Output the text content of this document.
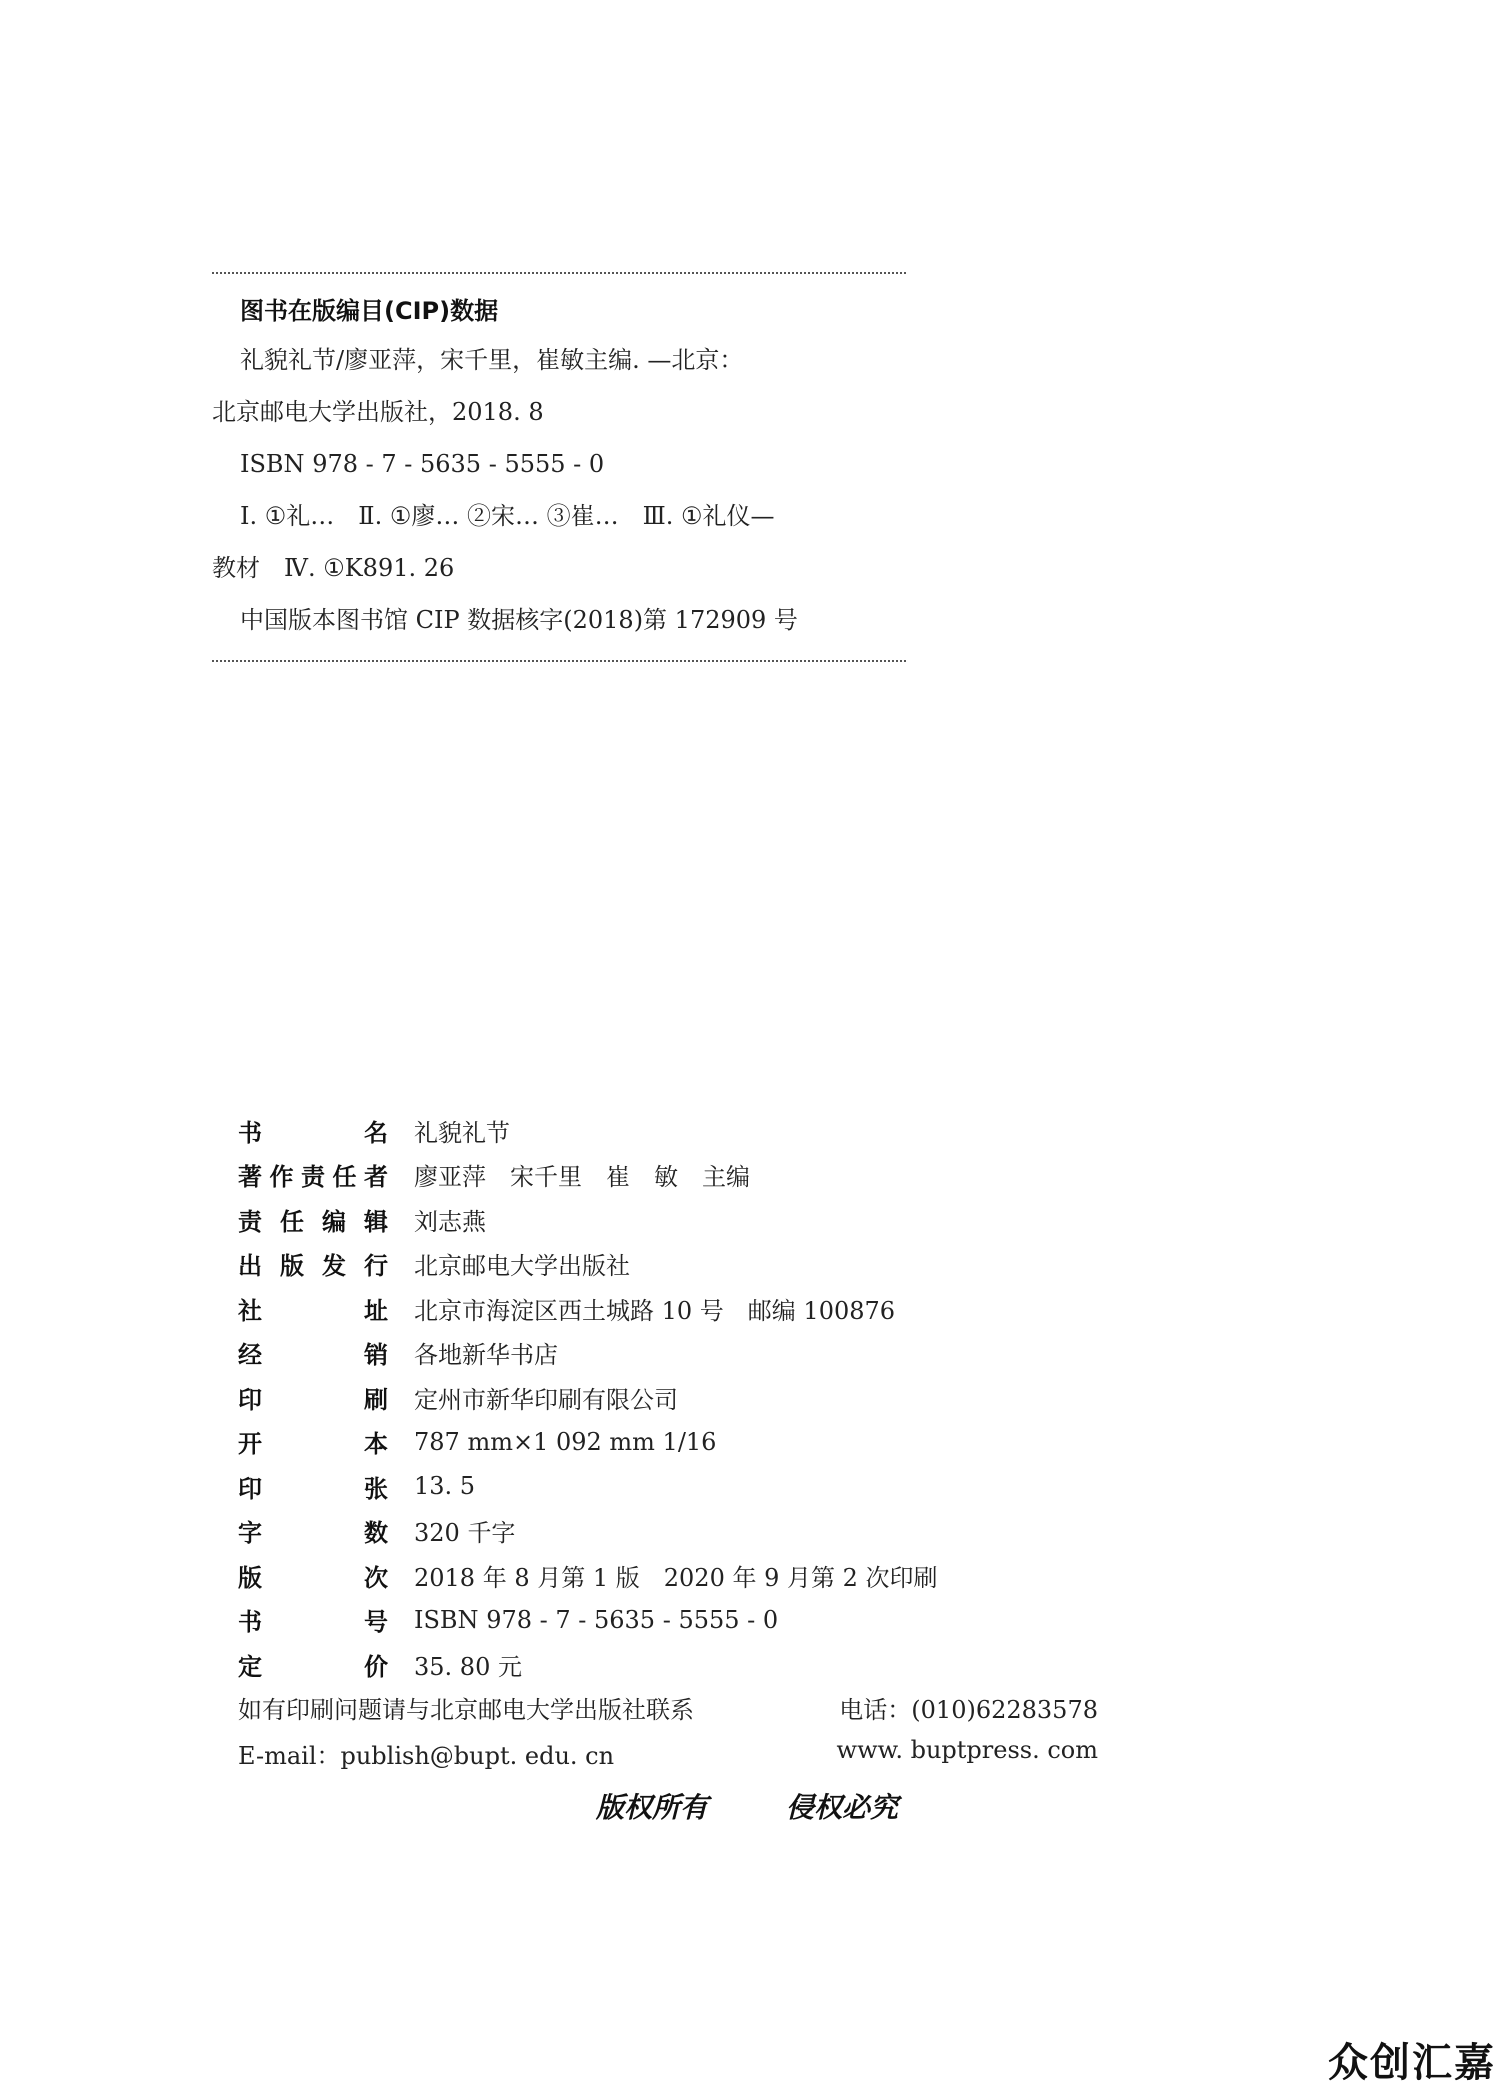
图书在版编目(CIP)数据
礼貌礼节/廖亚萍，宋千里，崔敏主编. —北京：
北京邮电大学出版社，2018. 8
ISBN 978 - 7 - 5635 - 5555 - 0
Ⅰ. ①礼…　Ⅱ. ①廖… ②宋… ③崔…　Ⅲ. ①礼仪—
教材　Ⅳ. ①K891. 26
中国版本图书馆 CIP 数据核字(2018)第 172909 号
书	名 礼貌礼节
著 作 责 任 者 廖亚萍　宋千里　崔　敏　主编
责 任 编 辑 刘志燕
出 版 发 行 北京邮电大学出版社
社	址 北京市海淀区西土城路 10 号　邮编 100876
经	销 各地新华书店
印	刷 定州市新华印刷有限公司
开	本 787 mm×1 092 mm 1/16
印	张 13. 5
字	数 320 千字
版	次 2018 年 8 月第 1 版　2020 年 9 月第 2 次印刷
书	号 ISBN 978 - 7 - 5635 - 5555 - 0
定	价 35. 80 元
如有印刷问题请与北京邮电大学出版社联系	电话：(010)62283578
E-mail：publish@bupt. edu. cn	www. buptpress. com
版权所有	侵权必究
众创汇嘉
